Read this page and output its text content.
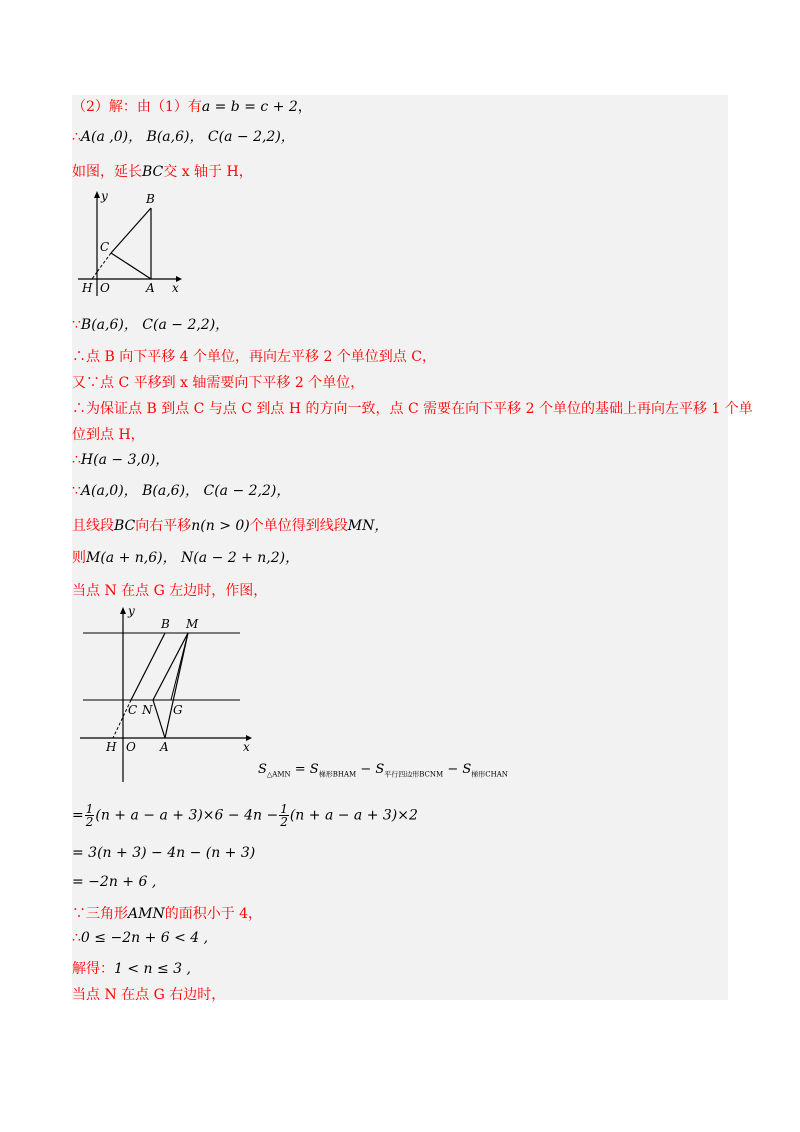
（2）解：由（1）有a = b = c + 2，
∴A(a ,0)， B(a,6)， C(a − 2,2)，
如图，延长BC交 x 轴于 H，
y
x
B
C
H O	A
∵B(a,6)， C(a − 2,2)，
∴点 B 向下平移 4 个单位，再向左平移 2 个单位到点 C，
又∵点 C 平移到 x 轴需要向下平移 2 个单位，
∴为保证点 B 到点 C 与点 C 到点 H 的方向一致，点 C 需要在向下平移 2 个单位的基础上再向左平移 1 个单
位到点 H，
∴H(a − 3,0)，
∵A(a,0)， B(a,6)， C(a − 2,2)，
且线段BC向右平移n(n > 0)个单位得到线段MN，
则M(a + n,6)， N(a − 2 + n,2)，
当点 N 在点 G 左边时，作图，
y
x
B M
C N G
H O A
$S_{\triangle AMN} = S_{梯形BHAM} - S_{平行四边形BCNM} - S_{梯形CHAN}$
= $\frac{1}{2} (n + a - a + 3)\times 6 - 4n - \frac{1}{2} (n + a - a + 3)\times 2$
= 3(n + 3) − 4n − (n + 3)
= −2n + 6 ,
∵三角形AMN的面积小于 4，
∴0 ≤ −2n + 6 < 4 ,
解得：1 < n ≤ 3 ,
当点 N 在点 G 右边时，
